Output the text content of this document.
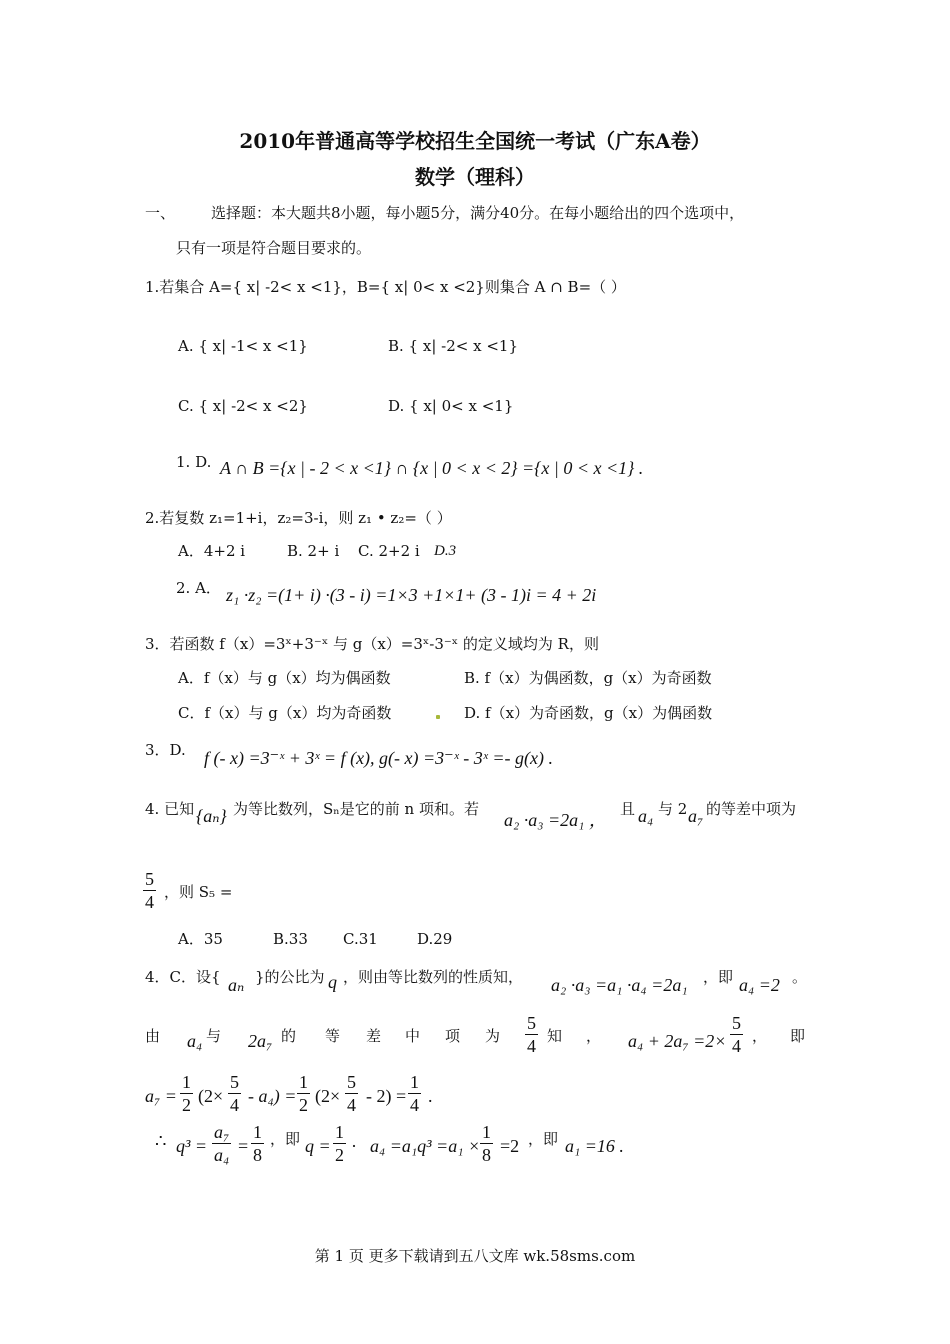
2010年普通高等学校招生全国统一考试（广东A卷）
数学（理科）
一、 选择题：本大题共8小题，每小题5分，满分40分。在每小题给出的四个选项中，
只有一项是符合题目要求的。
1.若集合 A={ x| -2< x <1}，B={ x| 0< x <2}则集合 A ∩ B=（ ）
A. { x| -1< x <1}	B. { x| -2< x <1}
C. { x| -2< x <2}	D. { x| 0< x <1}
1. D. A ∩ B ={x | - 2 < x <1} ∩ {x | 0 < x < 2} ={x | 0 < x <1} .
2.若复数 z₁=1+i，z₂=3-i，则 z₁ • z₂=（ ）
A．4+2 i	B. 2+ i C. 2+2 i D.3
2. A． z₁ ·z₂ =(1+ i) ·(3 - i) =1×3 +1×1+ (3 - 1)i = 4 + 2i
3．若函数 f（x）=3ˣ+3⁻ˣ 与 g（x）=3ˣ-3⁻ˣ 的定义域均为 R，则
A．f（x）与 g（x）均为偶函数	B. f（x）为偶函数，g（x）为奇函数
C．f（x）与 g（x）均为奇函数	D. f（x）为奇函数，g（x）为偶函数
3．D. f (- x) =3⁻ˣ + 3ˣ = f (x), g(- x) =3⁻ˣ - 3ˣ =- g(x) .
4. 已知 {aₙ} 为等比数列，Sₙ是它的前 n 项和。若
a₂ ·a₃ =2a₁ ，
且 a₄ 与 2 a₇ 的等差中项为
$\frac{5}{4}$ ，则 S₅ =
A．35	B.33 C.31	D.29
4．C．设{ aₙ }的公比为 q ，则由等比数列的性质知， a₂ ·a₃ =a₁ ·a₄ =2a₁ ，即 a₄ =2 。
由 a₄ 与 2a₇ 的 等 差 中 项 为 $\frac{5}{4}$ 知 ， $a_4 + 2a_7 =2\times \frac{5}{4}$ ， 即
$a_7 = \frac{1}{2} (2\times \frac{5}{4} - a_4) = \frac{1}{2} (2\times \frac{5}{4} - 2) = \frac{1}{4}$ .
∴ $q^3 = \frac{\text{a₇}}{\text{a₄}} = \frac{1}{8}$ ，即 $q = \frac{1}{2} \cdot a_4 =a_1q^3 =a_1 \times \frac{1}{8} =2$ ，即 a₁ =16 .
第 1 页 更多下载请到五八文库 wk.58sms.com
